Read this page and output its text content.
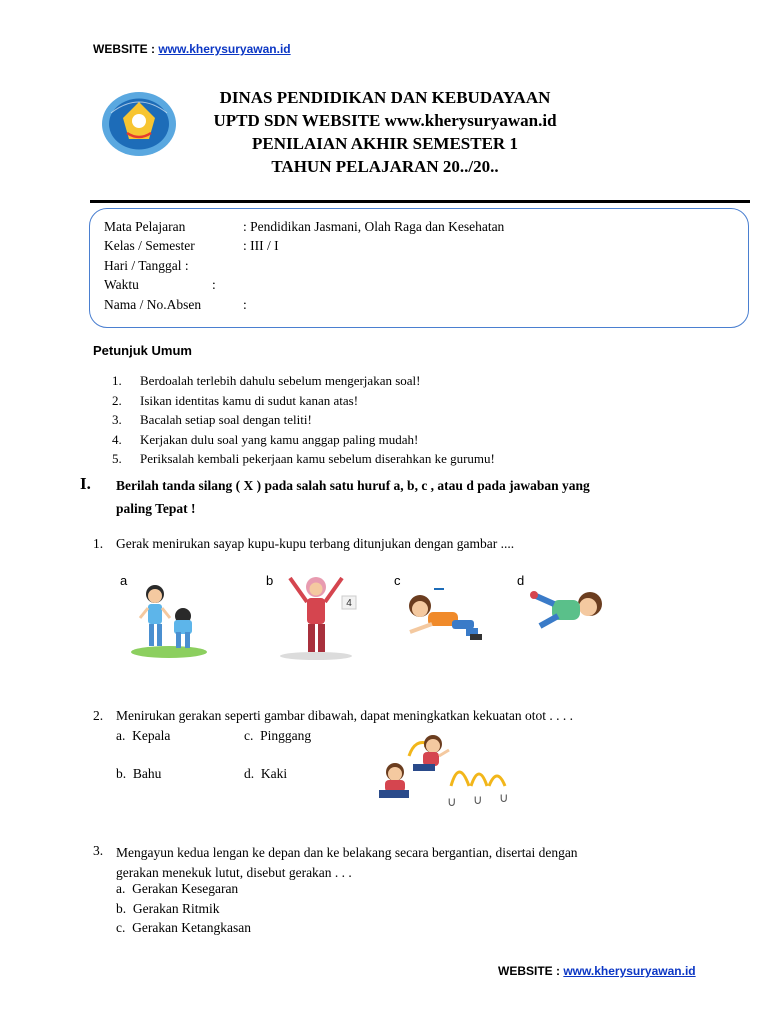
WEBSITE : www.kherysuryawan.id
DINAS PENDIDIKAN DAN KEBUDAYAAN
UPTD SDN WEBSITE www.kherysuryawan.id
PENILAIAN AKHIR SEMESTER 1
TAHUN PELAJARAN 20../20..
Mata Pelajaran	: Pendidikan Jasmani, Olah Raga dan Kesehatan
Kelas / Semester	: III / I
Hari / Tanggal :
Waktu	:
Nama / No.Absen	:
Petunjuk Umum
1.	Berdoalah terlebih dahulu sebelum mengerjakan soal!
2.	Isikan identitas kamu di sudut kanan atas!
3.	Bacalah setiap soal dengan teliti!
4.	Kerjakan dulu soal yang kamu anggap paling mudah!
5.	Periksalah kembali pekerjaan kamu sebelum diserahkan ke gurumu!
I. Berilah tanda silang ( X ) pada salah satu huruf a, b, c , atau d pada jawaban yang
paling Tepat !
1. Gerak menirukan sayap kupu-kupu terbang ditunjukan dengan gambar ....
a	b	c	d
4
2. Menirukan gerakan seperti gambar dibawah, dapat meningkatkan kekuatan otot . . . .
a. Kepala	c. Pinggang
b. Bahu	d. Kaki
∪ ∪ ∪
3. Mengayun kedua lengan ke depan dan ke belakang secara bergantian, disertai dengan
gerakan menekuk lutut, disebut gerakan . . .
a. Gerakan Kesegaran
b. Gerakan Ritmik
c. Gerakan Ketangkasan
WEBSITE : www.kherysuryawan.id
